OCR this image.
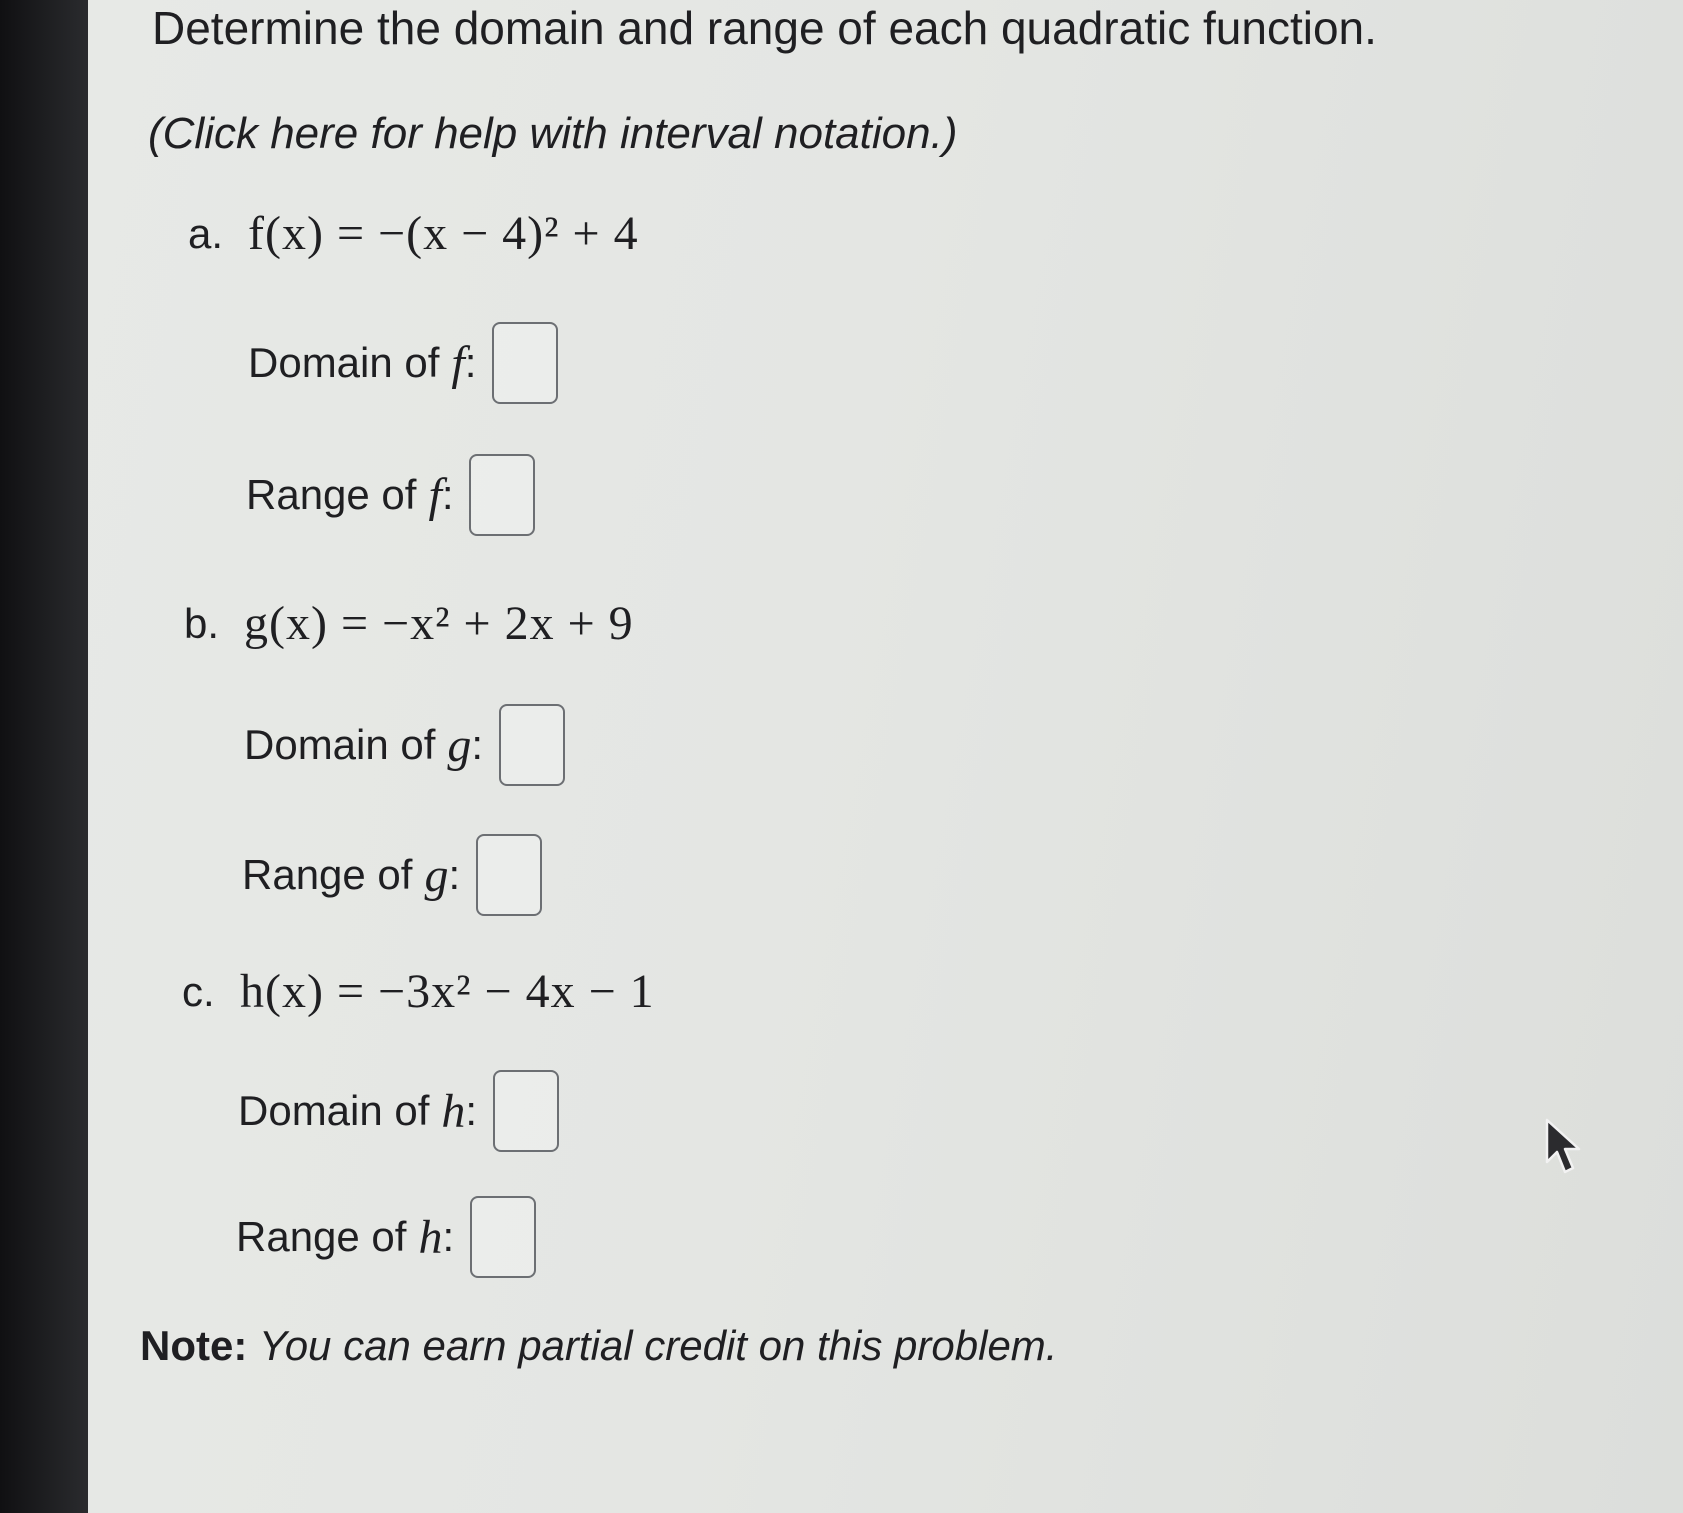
Determine the domain and range of each quadratic function.
(Click here for help with interval notation.)
a. f(x) = −(x − 4)² + 4
Domain of f :
Range of f :
b. g(x) = −x² + 2x + 9
Domain of g :
Range of g :
c. h(x) = −3x² − 4x − 1
Domain of h :
Range of h :
Note: You can earn partial credit on this problem.
